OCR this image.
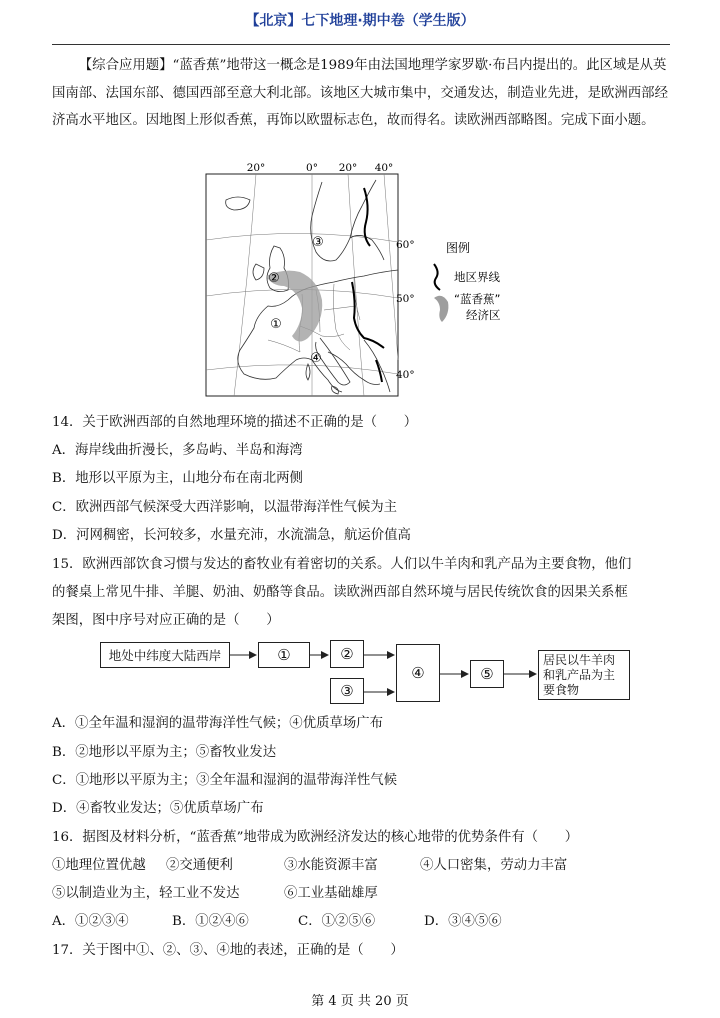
【北京】七下地理·期中卷（学生版）
【综合应用题】“蓝香蕉”地带这一概念是1989年由法国地理学家罗歇·布吕内提出的。此区域是从英国南部、法国东部、德国西部至意大利北部。该地区大城市集中，交通发达，制造业先进，是欧洲西部经济高水平地区。因地图上形似香蕉，再饰以欧盟标志色，故而得名。读欧洲西部略图。完成下面小题。
20°	0° 20° 40°
60°
50°
40°
①
②
③
④
图例
地区界线
“蓝香蕉”
经济区
14．关于欧洲西部的自然地理环境的描述不正确的是（　　）
A．海岸线曲折漫长，多岛屿、半岛和海湾
B．地形以平原为主，山地分布在南北两侧
C．欧洲西部气候深受大西洋影响，以温带海洋性气候为主
D．河网稠密，长河较多，水量充沛，水流湍急，航运价值高
15．欧洲西部饮食习惯与发达的畜牧业有着密切的关系。人们以牛羊肉和乳产品为主要食物，他们
的餐桌上常见牛排、羊腿、奶油、奶酪等食品。读欧洲西部自然环境与居民传统饮食的因果关系框
架图，图中序号对应正确的是（　　）
地处中纬度大陆西岸	①	②
③
④	⑤
居民以牛羊肉和乳产品为主要食物
A．①全年温和湿润的温带海洋性气候；④优质草场广布
B．②地形以平原为主；⑤畜牧业发达
C．①地形以平原为主；③全年温和湿润的温带海洋性气候
D．④畜牧业发达；⑤优质草场广布
16．据图及材料分析，“蓝香蕉”地带成为欧洲经济发达的核心地带的优势条件有（　　）
①地理位置优越 ②交通便利	③水能资源丰富	④人口密集，劳动力丰富
⑤以制造业为主，轻工业不发达	⑥工业基础雄厚
A．①②③④	B．①②④⑥	C．①②⑤⑥	D．③④⑤⑥
17．关于图中①、②、③、④地的表述，正确的是（　　）
第 4 页 共 20 页
